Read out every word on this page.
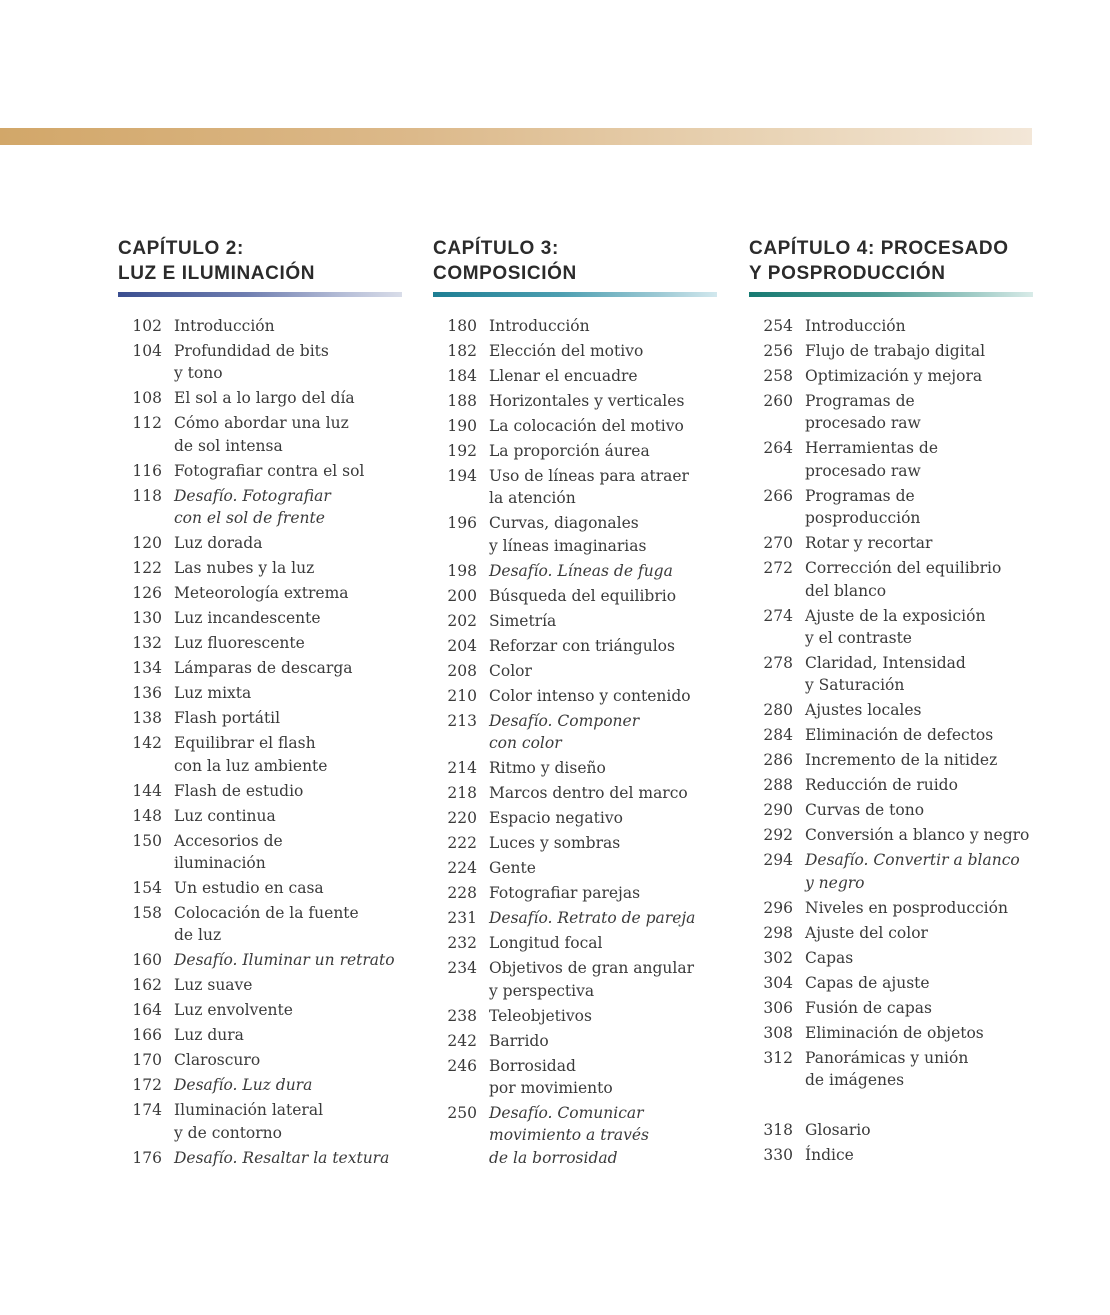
CAPÍTULO 2:
LUZ E ILUMINACIÓN
102 Introducción
104 Profundidad de bits
y tono
108 El sol a lo largo del día
112 Cómo abordar una luz
de sol intensa
116 Fotografiar contra el sol
118 Desafío. Fotografiar
con el sol de frente
120 Luz dorada
122 Las nubes y la luz
126 Meteorología extrema
130 Luz incandescente
132 Luz fluorescente
134 Lámparas de descarga
136 Luz mixta
138 Flash portátil
142 Equilibrar el flash
con la luz ambiente
144 Flash de estudio
148 Luz continua
150 Accesorios de
iluminación
154 Un estudio en casa
158 Colocación de la fuente
de luz
160 Desafío. Iluminar un retrato
162 Luz suave
164 Luz envolvente
166 Luz dura
170 Claroscuro
172 Desafío. Luz dura
174 Iluminación lateral
y de contorno
176 Desafío. Resaltar la textura
CAPÍTULO 3:
COMPOSICIÓN
180 Introducción
182 Elección del motivo
184 Llenar el encuadre
188 Horizontales y verticales
190 La colocación del motivo
192 La proporción áurea
194 Uso de líneas para atraer
la atención
196 Curvas, diagonales
y líneas imaginarias
198 Desafío. Líneas de fuga
200 Búsqueda del equilibrio
202 Simetría
204 Reforzar con triángulos
208 Color
210 Color intenso y contenido
213 Desafío. Componer
con color
214 Ritmo y diseño
218 Marcos dentro del marco
220 Espacio negativo
222 Luces y sombras
224 Gente
228 Fotografiar parejas
231 Desafío. Retrato de pareja
232 Longitud focal
234 Objetivos de gran angular
y perspectiva
238 Teleobjetivos
242 Barrido
246 Borrosidad
por movimiento
250 Desafío. Comunicar
movimiento a través
de la borrosidad
CAPÍTULO 4: PROCESADO
Y POSPRODUCCIÓN
254 Introducción
256 Flujo de trabajo digital
258 Optimización y mejora
260 Programas de
procesado raw
264 Herramientas de
procesado raw
266 Programas de posproducción
270 Rotar y recortar
272 Corrección del equilibrio
del blanco
274 Ajuste de la exposición
y el contraste
278 Claridad, Intensidad
y Saturación
280 Ajustes locales
284 Eliminación de defectos
286 Incremento de la nitidez
288 Reducción de ruido
290 Curvas de tono
292 Conversión a blanco y negro
294 Desafío. Convertir a blanco
y negro
296 Niveles en posproducción
298 Ajuste del color
302 Capas
304 Capas de ajuste
306 Fusión de capas
308 Eliminación de objetos
312 Panorámicas y unión
de imágenes
318 Glosario
330 Índice
